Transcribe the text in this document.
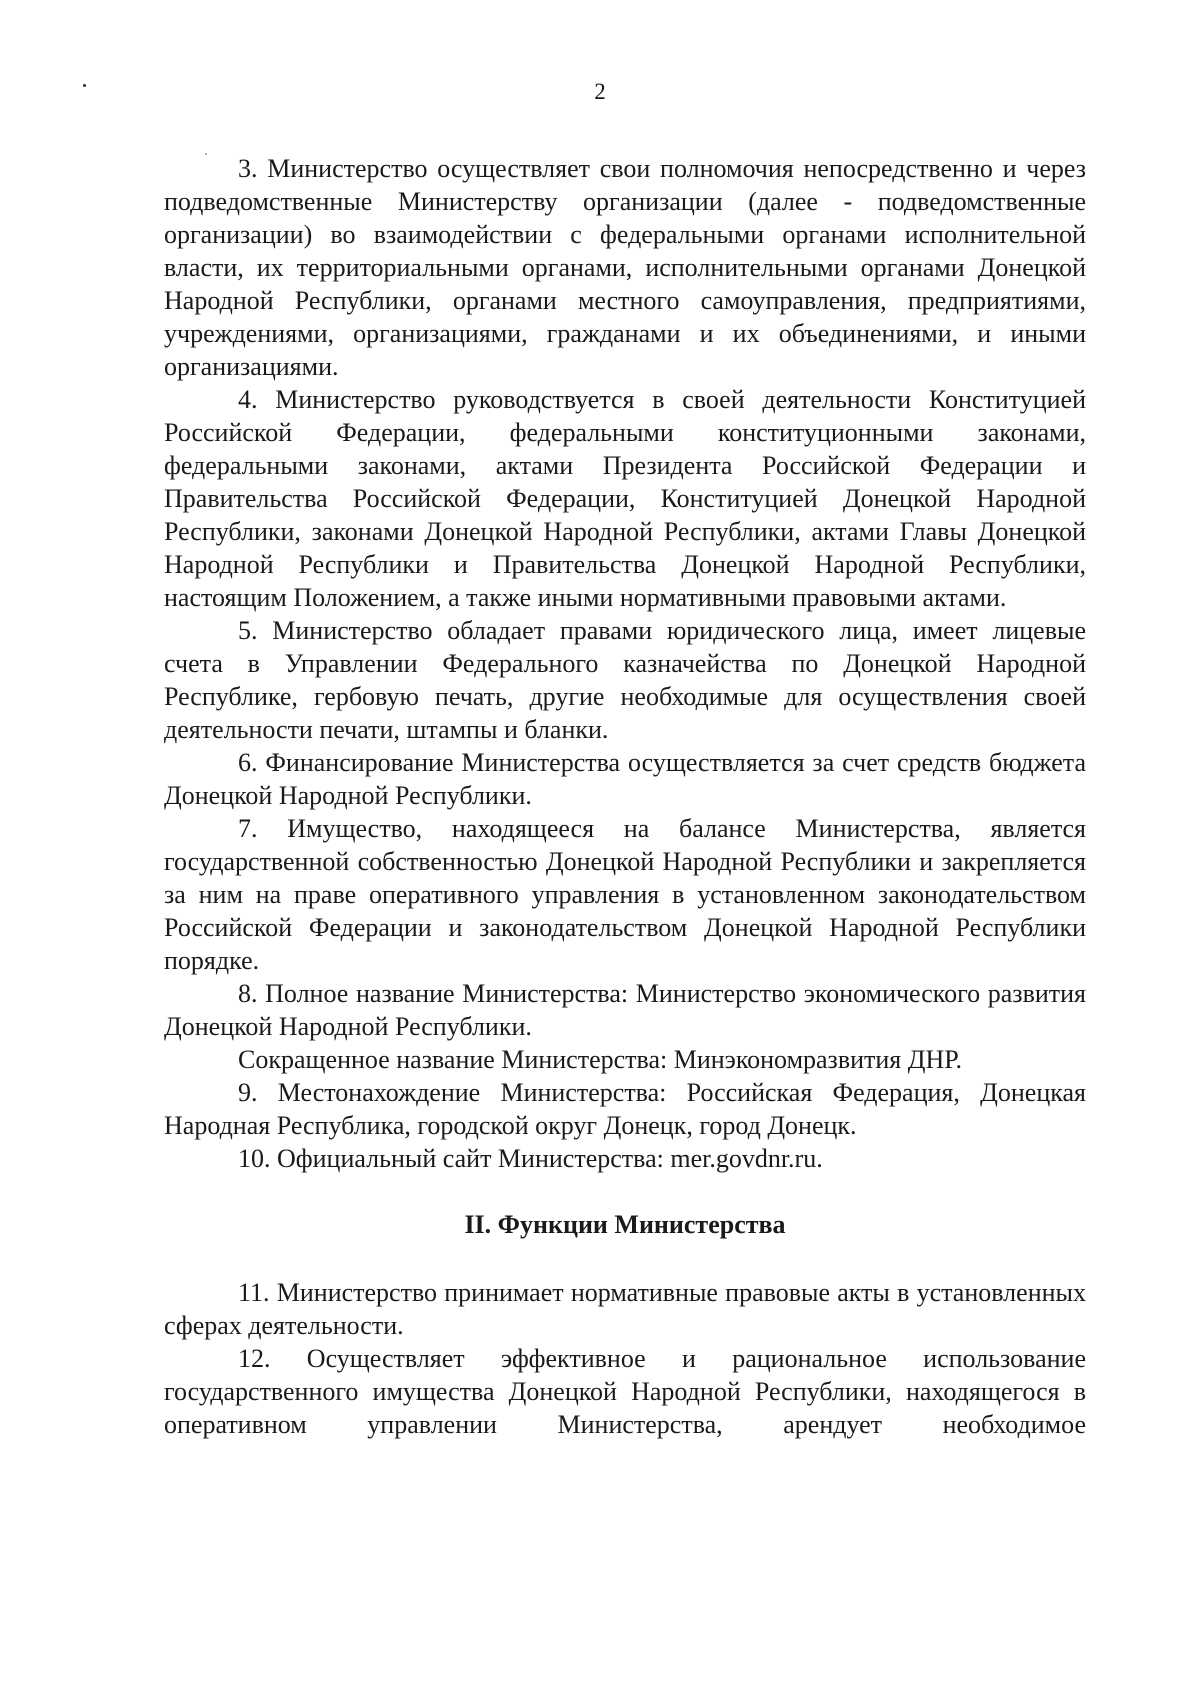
2

3. Министерство осуществляет свои полномочия непосредственно и через подведомственные Министерству организации (далее - подведомственные организации) во взаимодействии с федеральными органами исполнительной власти, их территориальными органами, исполнительными органами Донецкой Народной Республики, органами местного самоуправления, предприятиями, учреждениями, организациями, гражданами и их объединениями, и иными организациями.

4. Министерство руководствуется в своей деятельности Конституцией Российской Федерации, федеральными конституционными законами, федеральными законами, актами Президента Российской Федерации и Правительства Российской Федерации, Конституцией Донецкой Народной Республики, законами Донецкой Народной Республики, актами Главы Донецкой Народной Республики и Правительства Донецкой Народной Республики, настоящим Положением, а также иными нормативными правовыми актами.

5. Министерство обладает правами юридического лица, имеет лицевые счета в Управлении Федерального казначейства по Донецкой Народной Республике, гербовую печать, другие необходимые для осуществления своей деятельности печати, штампы и бланки.

6. Финансирование Министерства осуществляется за счет средств бюджета Донецкой Народной Республики.

7. Имущество, находящееся на балансе Министерства, является государственной собственностью Донецкой Народной Республики и закрепляется за ним на праве оперативного управления в установленном законодательством Российской Федерации и законодательством Донецкой Народной Республики порядке.

8. Полное название Министерства: Министерство экономического развития Донецкой Народной Республики.

Сокращенное название Министерства: Минэкономразвития ДНР.

9. Местонахождение Министерства: Российская Федерация, Донецкая Народная Республика, городской округ Донецк, город Донецк.

10. Официальный сайт Министерства: mer.govdnr.ru.

II. Функции Министерства

11. Министерство принимает нормативные правовые акты в установленных сферах деятельности.

12. Осуществляет эффективное и рациональное использование государственного имущества Донецкой Народной Республики, находящегося в оперативном управлении Министерства, арендует необходимое
